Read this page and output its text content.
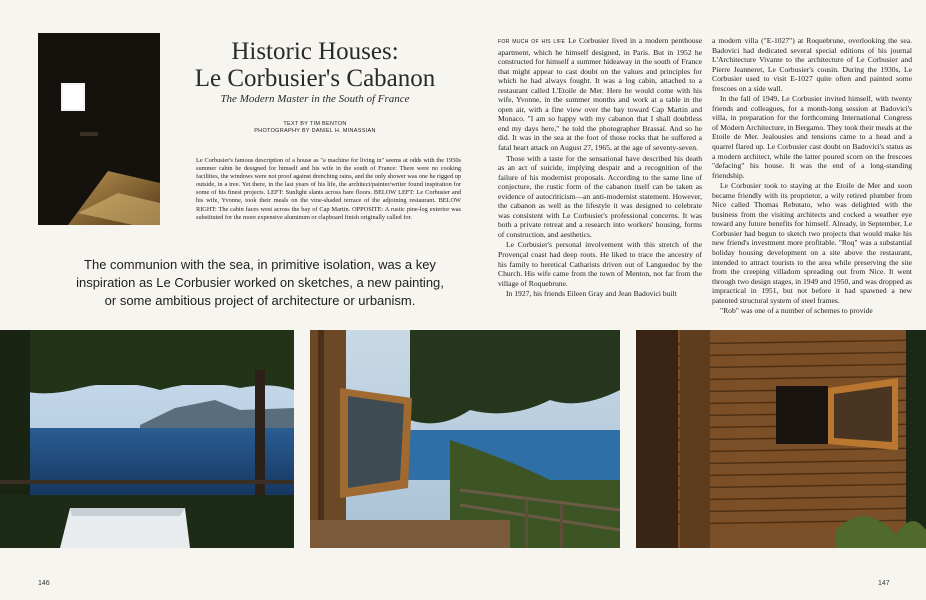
Historic Houses:
Le Corbusier's Cabanon
The Modern Master in the South of France
TEXT BY TIM BENTON
PHOTOGRAPHY BY DANIEL H. MINASSIAN
Le Corbusier's famous description of a house as "a machine for living in" seems at odds with the 1950s summer cabin he designed for himself and his wife in the south of France: There were no cooking facilities, the windows were not proof against drenching rains, and the only shower was one he rigged up outside, in a tree. Yet there, in the last years of his life, the architect/painter/writer found inspiration for some of his finest projects. LEFT: Sunlight slants across bare floors. BELOW LEFT: Le Corbusier and his wife, Yvonne, took their meals on the vine-shaded terrace of the adjoining restaurant. BELOW RIGHT: The cabin faces west across the bay of Cap Martin. OPPOSITE: A rustic pine-log exterior was substituted for the more expensive aluminum or clapboard finish originally called for.
The communion with the sea, in primitive isolation, was a key inspiration as Le Corbusier worked on sketches, a new painting, or some ambitious project of architecture or urbanism.

FOR MUCH OF HIS LIFE Le Corbusier lived in a modern penthouse apartment, which he himself designed, in Paris. But in 1952 he constructed for himself a summer hideaway in the south of France that might appear to cast doubt on the values and principles for which he had always fought. It was a log cabin, attached to a restaurant called L'Etoile de Mer. Here he would come with his wife, Yvonne, in the summer months and work at a table in the open air, with a fine view over the bay toward Cap Martin and Monaco. "I am so happy with my cabanon that I shall doubtless end my days here," he told the photographer Brassaï. And so he did. It was in the sea at the foot of those rocks that he suffered a fatal heart attack on August 27, 1965, at the age of seventy-seven.

Those with a taste for the sensational have described his death as an act of suicide, implying despair and a recognition of the failure of his modernist proposals. According to the same line of conjecture, the rustic form of the cabanon itself can be taken as evidence of autocriticism—an anti-modernist statement. However, the cabanon as well as the lifestyle it was designed to celebrate was consistent with Le Corbusier's professional concerns. It was both a private retreat and a research into workers' housing, forms of construction, and aesthetics.

Le Corbusier's personal involvement with this stretch of the Provençal coast had deep roots. He liked to trace the ancestry of his family to heretical Catharists driven out of Languedoc by the Church. His wife came from the town of Menton, not far from the village of Roquebrune.

In 1927, his friends Eileen Gray and Jean Badovici built

a modern villa ("E-1027") at Roquebrune, overlooking the sea. Badovici had dedicated several special editions of his journal L'Architecture Vivante to the architecture of Le Corbusier and Pierre Jeanneret, Le Corbusier's cousin. During the 1930s, Le Corbusier used to visit E-1027 quite often and painted some frescoes on a side wall.

In the fall of 1949, Le Corbusier invited himself, with twenty friends and colleagues, for a month-long session at Badovici's villa, in preparation for the forthcoming International Congress of Modern Architecture, in Bergamo. They took their meals at the Etoile de Mer. Jealousies and tensions came to a head and a quarrel flared up. Le Corbusier cast doubt on Badovici's status as a modern architect, while the latter poured scorn on the frescoes "defacing" his house. It was the end of a long-standing friendship.

Le Corbusier took to staying at the Etoile de Mer and soon became friendly with its proprietor, a wily retired plumber from Nice called Thomas Rebutato, who was delighted with the business from the visiting architects and cocked a weather eye toward any future benefits for himself. Already, in September, Le Corbusier had begun to sketch two projects that would make his new friend's investment more profitable. "Roq" was a substantial holiday housing development on a site above the restaurant, intended to attract tourists to the area while preserving the site from the creeping villadom spreading out from Nice. It went through two design stages, in 1949 and 1950, and was dropped as impractical in 1951, but not before it had spawned a new patented structural system of steel frames.

"Rob" was one of a number of schemes to provide

146	147
